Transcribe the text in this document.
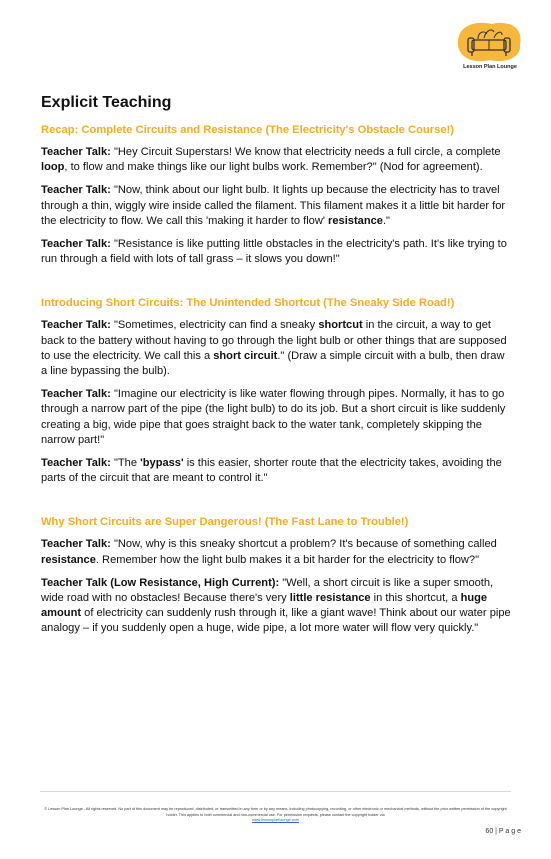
Lesson Plan Lounge
Explicit Teaching
Recap: Complete Circuits and Resistance (The Electricity's Obstacle Course!)

Teacher Talk: "Hey Circuit Superstars! We know that electricity needs a full circle, a complete loop, to flow and make things like our light bulbs work. Remember?" (Nod for agreement).

Teacher Talk: "Now, think about our light bulb. It lights up because the electricity has to travel through a thin, wiggly wire inside called the filament. This filament makes it a little bit harder for the electricity to flow. We call this 'making it harder to flow' resistance."

Teacher Talk: "Resistance is like putting little obstacles in the electricity's path. It's like trying to run through a field with lots of tall grass – it slows you down!"

Introducing Short Circuits: The Unintended Shortcut (The Sneaky Side Road!)

Teacher Talk: "Sometimes, electricity can find a sneaky shortcut in the circuit, a way to get back to the battery without having to go through the light bulb or other things that are supposed to use the electricity. We call this a short circuit." (Draw a simple circuit with a bulb, then draw a line bypassing the bulb).

Teacher Talk: "Imagine our electricity is like water flowing through pipes. Normally, it has to go through a narrow part of the pipe (the light bulb) to do its job. But a short circuit is like suddenly creating a big, wide pipe that goes straight back to the water tank, completely skipping the narrow part!"

Teacher Talk: "The 'bypass' is this easier, shorter route that the electricity takes, avoiding the parts of the circuit that are meant to control it."

Why Short Circuits are Super Dangerous! (The Fast Lane to Trouble!)

Teacher Talk: "Now, why is this sneaky shortcut a problem? It's because of something called resistance. Remember how the light bulb makes it a bit harder for the electricity to flow?"

Teacher Talk (Low Resistance, High Current): "Well, a short circuit is like a super smooth, wide road with no obstacles! Because there's very little resistance in this shortcut, a huge amount of electricity can suddenly rush through it, like a giant wave! Think about our water pipe analogy – if you suddenly open a huge, wide pipe, a lot more water will flow very quickly."

© Lesson Plan Lounge - All rights reserved. No part of this document may be reproduced, distributed, or transmitted in any form or by any means, including photocopying, recording, or other electronic or mechanical methods, without the prior written permission of the copyright holder. This applies to both commercial and non-commercial use. For permission requests, please contact the copyright holder via
www.lessonplanlounge.com
60 | P a g e
